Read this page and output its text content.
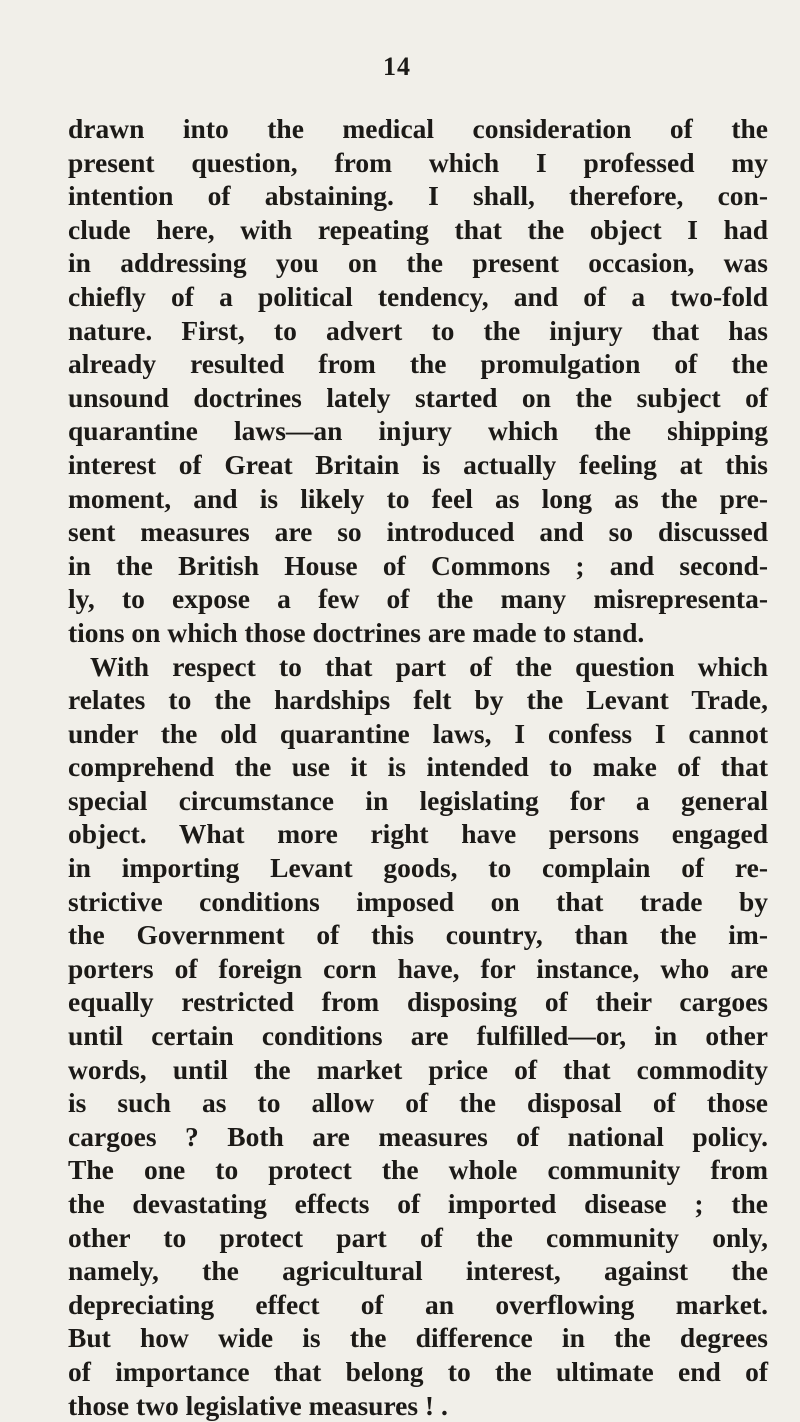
14
drawn into the medical consideration of the
present question, from which I professed my
intention of abstaining. I shall, therefore, con-
clude here, with repeating that the object I had
in addressing you on the present occasion, was
chiefly of a political tendency, and of a two-fold
nature. First, to advert to the injury that has
already resulted from the promulgation of the
unsound doctrines lately started on the subject of
quarantine laws—an injury which the shipping
interest of Great Britain is actually feeling at this
moment, and is likely to feel as long as the pre-
sent measures are so introduced and so discussed
in the British House of Commons ; and second-
ly, to expose a few of the many misrepresenta-
tions on which those doctrines are made to stand.
With respect to that part of the question which
relates to the hardships felt by the Levant Trade,
under the old quarantine laws, I confess I cannot
comprehend the use it is intended to make of that
special circumstance in legislating for a general
object. What more right have persons engaged
in importing Levant goods, to complain of re-
strictive conditions imposed on that trade by
the Government of this country, than the im-
porters of foreign corn have, for instance, who are
equally restricted from disposing of their cargoes
until certain conditions are fulfilled—or, in other
words, until the market price of that commodity
is such as to allow of the disposal of those
cargoes ? Both are measures of national policy.
The one to protect the whole community from
the devastating effects of imported disease ; the
other to protect part of the community only,
namely, the agricultural interest, against the
depreciating effect of an overflowing market.
But how wide is the difference in the degrees
of importance that belong to the ultimate end of
those two legislative measures ! .
